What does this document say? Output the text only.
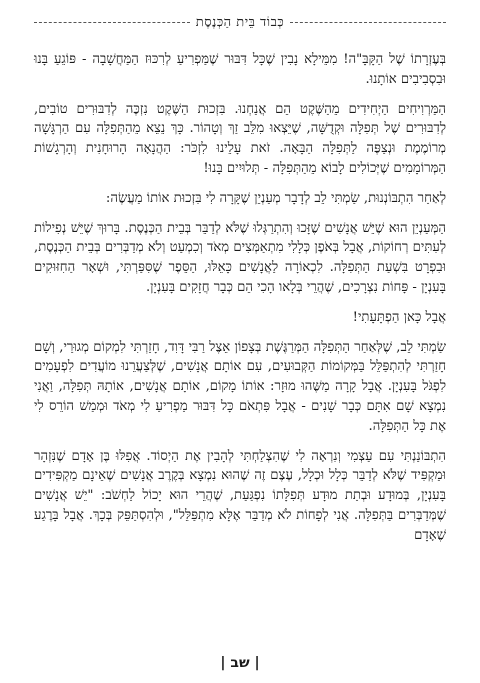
כְּבוֹד בֵּית הַכְּנֶסֶת

בְּעֶזְרָתוֹ שֶׁל הַקָּבָּ"ה! מִמֵּילָא נָבִין שֶׁכָּל דִּבּוּר שֶׁמַּפְרִיעַ לְרִכּוּז הַמַּחֲשָׁבָה - פּוֹגֵעַ בָּנוּ וּבִסְבִיבִים אוֹתָנוּ.

הַמַּרְוִיחִים הַיְחִידִים מֵהַשֶּׁקֶט הֵם אֲנַחְנוּ. בִּזְכוּת הַשֶּׁקֶט נִזְכֶּה לְדִבּוּרִים טוֹבִים, לְדִבּוּרִים שֶׁל תְּפִלָּה וּקְדֻשָּׁה, שֶׁיֵּצְאוּ מִלֵּב זַךְ וְטָהוֹר. כָּךְ נֵצֵא מֵהַתְּפִלָּה עִם הַרְגָּשָׁה מְרוֹמֶמֶת וּנְצַפֶּה לַתְּפִלָּה הַבָּאָה. זֹאת עָלֵינוּ לִזְכֹּר: הַהֲנָאָה הָרוּחָנִית וְהָרְגָשׁוֹת הַמְּרוֹמָמִים שֶׁיְּכוֹלִים לָבוֹא מֵהַתְּפִלָּה - תְּלוּיִים בָּנוּ!

לְאַחַר הִתְבּוֹנְנוּת, שַׂמְתִּי לֵב לְדָבָר מְעַנְיֵן שֶׁקָּרָה לִי בִּזְכוּת אוֹתוֹ מַעֲשֶׂה:

הַמְּעַנְיֵן הוּא שֶׁיֵּשׁ אֲנָשִׁים שֶׁזָּכוּ וְהִתְרַגְּלוּ שֶׁלֹּא לְדַבֵּר בְּבֵית הַכְּנֶסֶת. בָּרוּךְ שֶׁיֵּשׁ נְפִילוֹת לְעִתִּים רְחוֹקוֹת, אֲבָל בְּאֹפֶן כְּלָלִי מִתְאַמְּצִים מְאֹד וְכִמְעַט וְלֹא מְדַבְּרִים בְּבֵית הַכְּנֶסֶת, וּבִפְרָט בִּשְׁעַת הַתְּפִלָּה. לִכְאוֹרָה לַאֲנָשִׁים כָּאֵלּוּ, הַסֵּפֶר שֶׁסִּפַּרְתִּי, וּשְׁאָר הַחִזּוּקִים בָּעִנְיָן - פָּחוֹת נִצְרָכִים, שֶׁהֲרֵי בְּלָאו הָכִי הֵם כְּבָר חֲזָקִים בָּעִנְיָן.

אֲבָל כָּאן הַפְתָּעָתִי!

שַׂמְתִּי לֵב, שֶׁלְּאַחַר הַתְּפִלָּה הַמְּרַגֶּשֶׁת בְּצָפוֹן אֵצֶל רַבִּי דָּוִד, חָזַרְתִּי לִמְקוֹם מְגוּרַי, וְשָׁם חָזַרְתִּי לְהִתְפַּלֵּל בַּמְּקוֹמוֹת הַקְּבוּעִים, עִם אוֹתָם אֲנָשִׁים, שֶׁלְּצַעֲרֵנוּ מוֹעֲדִים לִפְעָמִים לִפְגֹּל בָּעִנְיָן. אֲבָל קָרָה מַשֶּׁהוּ מוּזָר: אוֹתוֹ מָקוֹם, אוֹתָם אֲנָשִׁים, אוֹתָהּ תְּפִלָּה, וַאֲנִי נִמְצָא שָׁם אִתָּם כְּבָר שָׁנִים - אֲבָל פִּתְאֹם כָּל דִּבּוּר מַפְרִיעַ לִי מְאֹד וּמְמַשׁ הוֹרֵס לִי אֶת כָּל הַתְּפִלָּה.

הִתְבּוֹנַנְתִּי עִם עַצְמִי וְנִרְאָה לִי שֶׁהִצְלַחְתִּי לְהָבִין אֶת הַיְסוֹד. אֲפִלּוּ בֶּן אָדָם שֶׁנִּזְהָר וּמַקְפִּיד שֶׁלֹּא לְדַבֵּר כְּלָל וּכְלָל, עֶצֶם זֶה שֶׁהוּא נִמְצָא בְּקֶרֶב אֲנָשִׁים שֶׁאֵינָם מַקְפִּידִים בָּעִנְיָן, בְּמוּדָע וּבְתַת מוּדָע תְּפִלָּתוֹ נִפְגַּעַת, שֶׁהֲרֵי הוּא יָכוֹל לַחְשֹׁב: "יֵשׁ אֲנָשִׁים שֶׁמְּדַבְּרִים בַּתְּפִלָּה. אֲנִי לְפָחוֹת לֹא מְדַבֵּר אֶלָּא מִתְפַּלֵּל", וּלְהִסְתַּפֵּק בְּכָךְ. אֲבָל בָּרֶגַע שֶׁאָדָם

| שב |
